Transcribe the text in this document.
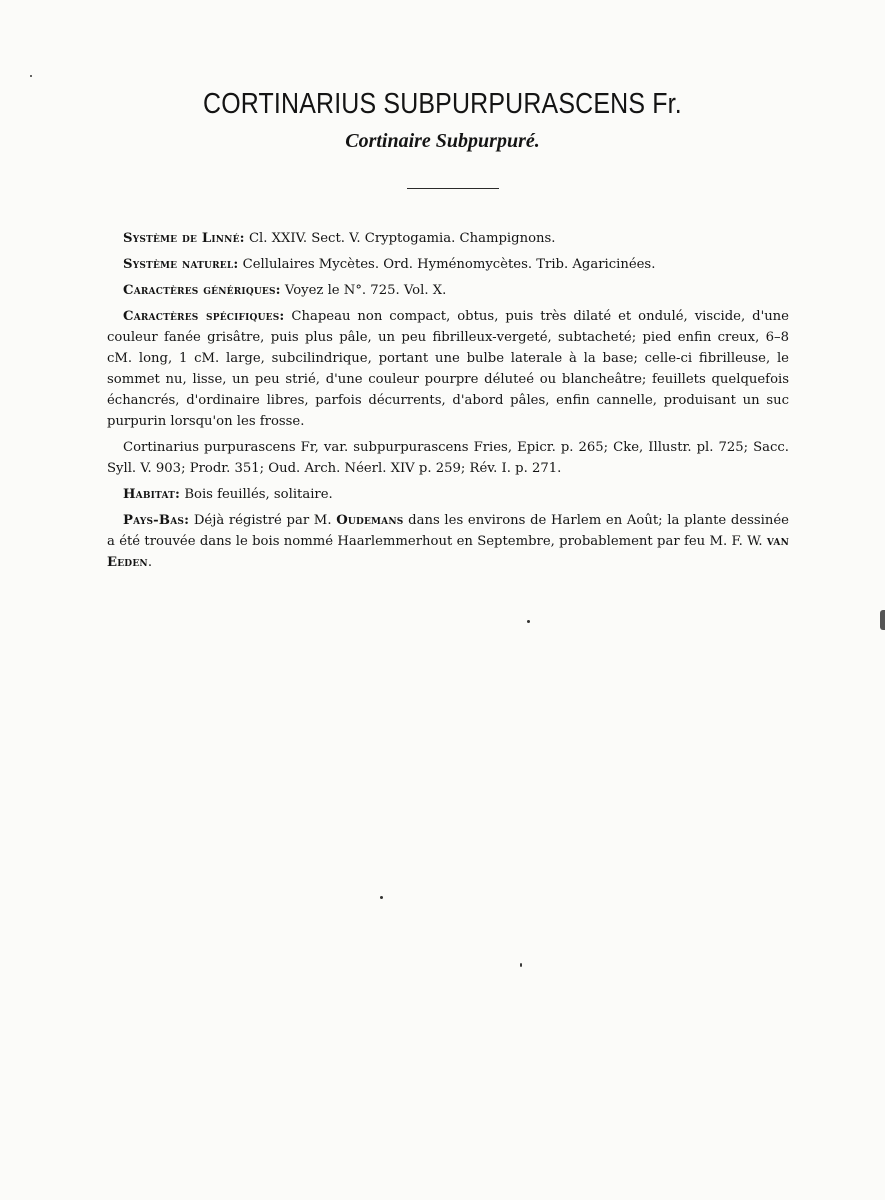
CORTINARIUS SUBPURPURASCENS Fr.
Cortinaire Subpurpuré.

Système de Linné: Cl. XXIV. Sect. V. Cryptogamia. Champignons.

Système naturel: Cellulaires Mycètes. Ord. Hyménomycètes. Trib. Agaricinées.

Caractères génériques: Voyez le N°. 725. Vol. X.

Caractères spécifiques: Chapeau non compact, obtus, puis très dilaté et ondulé, viscide, d'une couleur fanée grisâtre, puis plus pâle, un peu fibrilleux-vergeté, subtacheté; pied enfin creux, 6–8 cM. long, 1 cM. large, subcilindrique, portant une bulbe laterale à la base; celle-ci fibrilleuse, le sommet nu, lisse, un peu strié, d'une couleur pourpre déluteé ou blancheâtre; feuillets quelquefois échancrés, d'ordinaire libres, parfois décurrents, d'abord pâles, enfin cannelle, produisant un suc purpurin lorsqu'on les frosse.

Cortinarius purpurascens Fr, var. subpurpurascens Fries, Epicr. p. 265; Cke, Illustr. pl. 725; Sacc. Syll. V. 903; Prodr. 351; Oud. Arch. Néerl. XIV p. 259; Rév. I. p. 271.

Habitat: Bois feuillés, solitaire.

Pays-Bas: Déjà régistré par M. Oudemans dans les environs de Harlem en Août; la plante dessinée a été trouvée dans le bois nommé Haarlemmerhout en Septembre, probablement par feu M. F. W. van Eeden.
